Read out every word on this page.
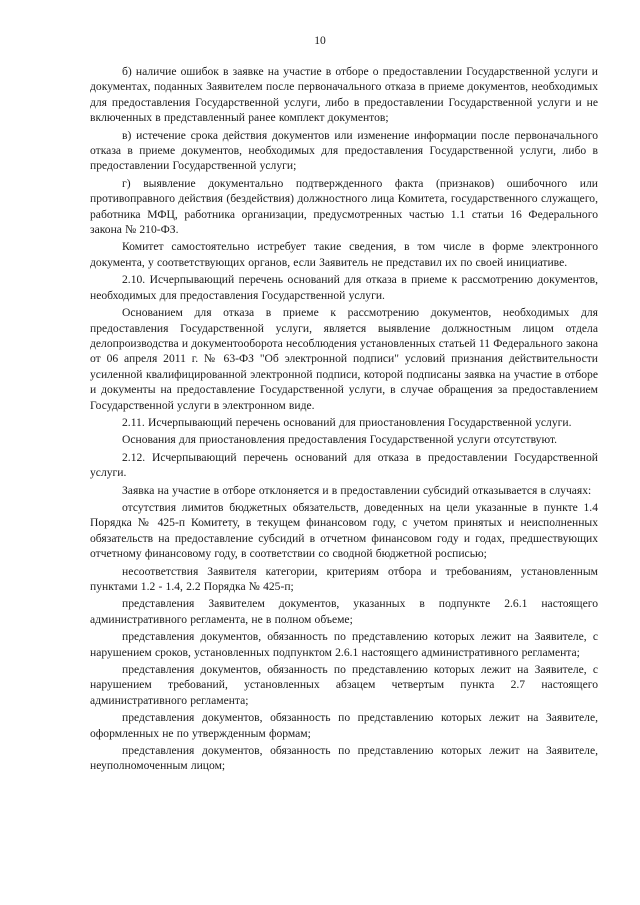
10

б) наличие ошибок в заявке на участие в отборе о предоставлении Государственной услуги и документах, поданных Заявителем после первоначального отказа в приеме документов, необходимых для предоставления Государственной услуги, либо в предоставлении Государственной услуги и не включенных в представленный ранее комплект документов;

в) истечение срока действия документов или изменение информации после первоначального отказа в приеме документов, необходимых для предоставления Государственной услуги, либо в предоставлении Государственной услуги;

г) выявление документально подтвержденного факта (признаков) ошибочного или противоправного действия (бездействия) должностного лица Комитета, государственного служащего, работника МФЦ, работника организации, предусмотренных частью 1.1 статьи 16 Федерального закона № 210-ФЗ.

Комитет самостоятельно истребует такие сведения, в том числе в форме электронного документа, у соответствующих органов, если Заявитель не представил их по своей инициативе.

2.10. Исчерпывающий перечень оснований для отказа в приеме к рассмотрению документов, необходимых для предоставления Государственной услуги.

Основанием для отказа в приеме к рассмотрению документов, необходимых для предоставления Государственной услуги, является выявление должностным лицом отдела делопроизводства и документооборота несоблюдения установленных статьей 11 Федерального закона от 06 апреля 2011 г. № 63-ФЗ "Об электронной подписи" условий признания действительности усиленной квалифицированной электронной подписи, которой подписаны заявка на участие в отборе и документы на предоставление Государственной услуги, в случае обращения за предоставлением Государственной услуги в электронном виде.

2.11. Исчерпывающий перечень оснований для приостановления Государственной услуги.

Основания для приостановления предоставления Государственной услуги отсутствуют.

2.12. Исчерпывающий перечень оснований для отказа в предоставлении Государственной услуги.

Заявка на участие в отборе отклоняется и в предоставлении субсидий отказывается в случаях:

отсутствия лимитов бюджетных обязательств, доведенных на цели указанные в пункте 1.4 Порядка № 425-п Комитету, в текущем финансовом году, с учетом принятых и неисполненных обязательств на предоставление субсидий в отчетном финансовом году и годах, предшествующих отчетному финансовому году, в соответствии со сводной бюджетной росписью;

несоответствия Заявителя категории, критериям отбора и требованиям, установленным пунктами 1.2 - 1.4, 2.2 Порядка № 425-п;

представления Заявителем документов, указанных в подпункте 2.6.1 настоящего административного регламента, не в полном объеме;

представления документов, обязанность по представлению которых лежит на Заявителе, с нарушением сроков, установленных подпунктом 2.6.1 настоящего административного регламента;

представления документов, обязанность по представлению которых лежит на Заявителе, с нарушением требований, установленных абзацем четвертым пункта 2.7 настоящего административного регламента;

представления документов, обязанность по представлению которых лежит на Заявителе, оформленных не по утвержденным формам;

представления документов, обязанность по представлению которых лежит на Заявителе, неуполномоченным лицом;
